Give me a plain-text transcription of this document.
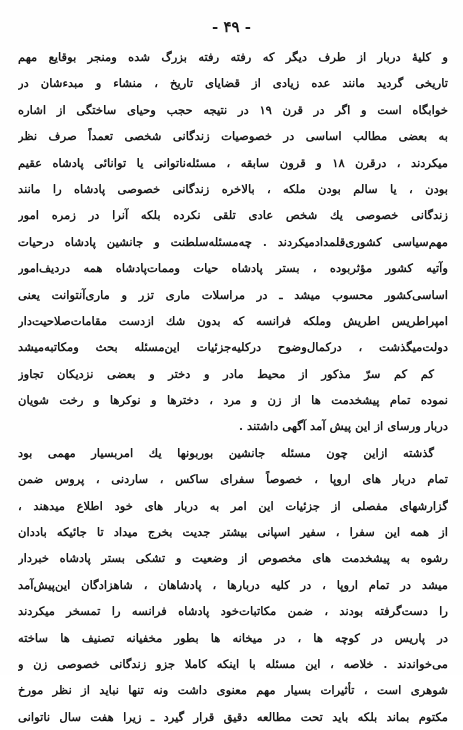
- ۴۹ -
و کلیهٔ دربار از طرف دیگر که رفته رفته بزرگ شده ومنجر بوقایع مهم
تاریخی گردید مانند عده زیادی از قضایای تاریخ ، منشاء و مبدء‌شان در
خوابگاه است و اگر در قرن ۱۹ در نتیجه حجب وحیای ساختگی از اشاره
به بعضی مطالب اساسی در خصوصیات زندگانی شخصی تعمداً صرف نظر
میکردند ، درقرن ۱۸ و قرون سابقه ، مسئله‌ناتوانی یا توانائی پادشاه عقیم
بودن ، یا سالم بودن ملکه ، بالاخره زندگانی خصوصی پادشاه را مانند
زندگانی خصوصی یك شخص عادی تلقی نکرده بلکه آنرا در زمره امور
مهم‌سیاسی کشوری‌قلمدادمیکردند . چه‌مسئله‌سلطنت و جانشین پادشاه درحیات
وآتیه کشور مؤثربوده ، بستر پادشاه حیات وممات‌پادشاه همه دردیف‌امور
اساسی‌کشور محسوب میشد ـ در مراسلات ماری تزر و ماری‌آنتوانت یعنی
امپراطریس اطریش وملکه فرانسه که بدون شك ازدست مقامات‌صلاحیت‌دار
دولت‌میگذشت ، درکمال‌وضوح درکلیه‌جزئیات این‌مسئله بحث ومکاتبه‌میشد
کم کم سرّ مذکور از محیط مادر و دختر و بعضی نزدیکان تجاوز
نموده تمام پیشخدمت ها از زن و مرد ، دخترها و نوکرها و رخت شویان
دربار ورسای از این پیش آمد آگهی داشتند .
گذشته ازاین چون مسئله جانشین بوربونها یك امر‌بسیار مهمی بود
تمام دربار های اروپا ، خصوصاً سفرای ساکس ، ساردنی ، پروس ضمن
گزارشهای مفصلی از جزئیات این امر به دربار های خود اطلاع میدهند ،
از همه این سفرا ، سفیر اسپانی بیشتر جدیت بخرج میداد تا جائیکه باددان
رشوه به پیشخدمت های مخصوص از وضعیت و تشکی بستر پادشاه خبردار
میشد در تمام اروپا ، در کلیه دربارها ، پادشاهان ، شاهزادگان این‌پیش‌آمد
را دست‌گرفته بودند ، ضمن مکاتبات‌خود پادشاه فرانسه را تمسخر میکردند
در پاریس در کوچه ها ، در میخانه ها بطور مخفیانه تصنیف ها ساخته
می‌خواندند . خلاصه ، این مسئله با اینکه کاملا جزو زندگانی خصوصی زن و
شوهری است ، تأثیرات بسیار مهم معنوی داشت ونه تنها نباید از نظر مورخ
مکتوم بماند بلکه باید تحت مطالعه دقیق قرار گیرد ـ زیرا هفت سال ناتوانی
